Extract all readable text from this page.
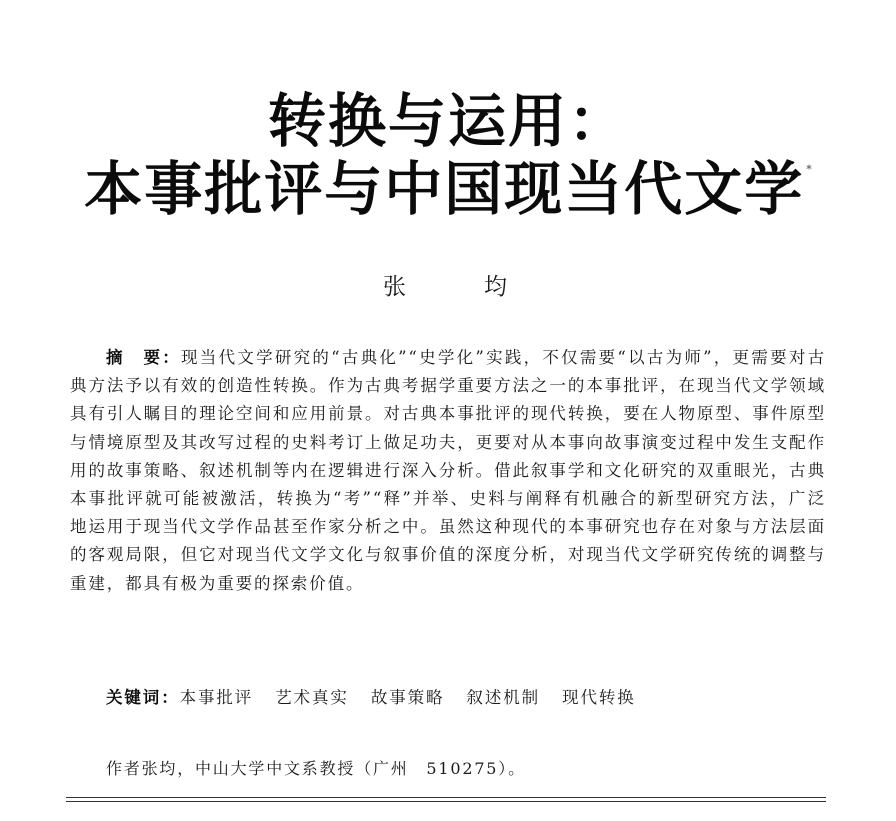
转换与运用：
本事批评与中国现当代文学 *
张	均

摘　要：现当代文学研究的“古典化”“史学化”实践，不仅需要“以古为师”，更需要对古典方法予以有效的创造性转换。作为古典考据学重要方法之一的本事批评，在现当代文学领域具有引人瞩目的理论空间和应用前景。对古典本事批评的现代转换，要在人物原型、事件原型与情境原型及其改写过程的史料考订上做足功夫，更要对从本事向故事演变过程中发生支配作用的故事策略、叙述机制等内在逻辑进行深入分析。借此叙事学和文化研究的双重眼光，古典本事批评就可能被激活，转换为“考”“释”并举、史料与阐释有机融合的新型研究方法，广泛地运用于现当代文学作品甚至作家分析之中。虽然这种现代的本事研究也存在对象与方法层面的客观局限，但它对现当代文学文化与叙事价值的深度分析，对现当代文学研究传统的调整与重建，都具有极为重要的探索价值。

关键词：本事批评 艺术真实 故事策略 叙述机制 现代转换
作者张均，中山大学中文系教授（广州　510275）。
